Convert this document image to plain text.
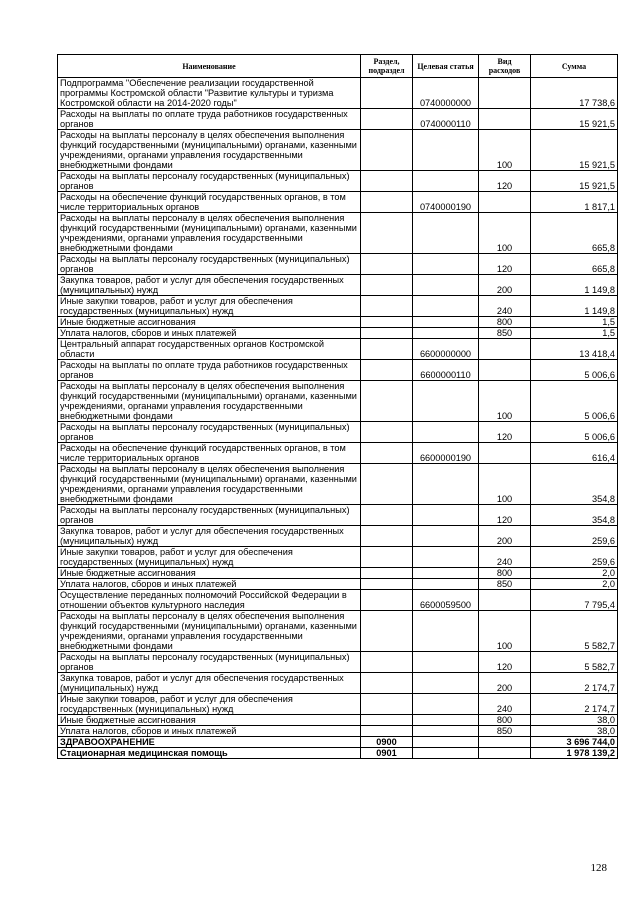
Наименование	Раздел, подраздел	Целевая статья	Вид расходов	Сумма
Подпрограмма "Обеспечение реализации государственной программы Костромской области "Развитие культуры и туризма Костромской области на 2014-2020 годы"		0740000000		17 738,6
Расходы на выплаты по оплате труда работников государственных органов		0740000110		15 921,5
Расходы на выплаты персоналу в целях обеспечения выполнения функций государственными (муниципальными) органами, казенными учреждениями, органами управления государственными внебюджетными фондами			100	15 921,5
Расходы на выплаты персоналу государственных (муниципальных) органов			120	15 921,5
Расходы на обеспечение функций государственных органов, в том числе территориальных органов		0740000190		1 817,1
Расходы на выплаты персоналу в целях обеспечения выполнения функций государственными (муниципальными) органами, казенными учреждениями, органами управления государственными внебюджетными фондами			100	665,8
Расходы на выплаты персоналу государственных (муниципальных) органов			120	665,8
Закупка товаров, работ и услуг для обеспечения государственных (муниципальных) нужд			200	1 149,8
Иные закупки товаров, работ и услуг для обеспечения государственных (муниципальных) нужд			240	1 149,8
Иные бюджетные ассигнования			800	1,5
Уплата налогов, сборов и иных платежей			850	1,5
Центральный аппарат государственных органов Костромской области		6600000000		13 418,4
Расходы на выплаты по оплате труда работников государственных органов		6600000110		5 006,6
Расходы на выплаты персоналу в целях обеспечения выполнения функций государственными (муниципальными) органами, казенными учреждениями, органами управления государственными внебюджетными фондами			100	5 006,6
Расходы на выплаты персоналу государственных (муниципальных) органов			120	5 006,6
Расходы на обеспечение функций государственных органов, в том числе территориальных органов		6600000190		616,4
Расходы на выплаты персоналу в целях обеспечения выполнения функций государственными (муниципальными) органами, казенными учреждениями, органами управления государственными внебюджетными фондами			100	354,8
Расходы на выплаты персоналу государственных (муниципальных) органов			120	354,8
Закупка товаров, работ и услуг для обеспечения государственных (муниципальных) нужд			200	259,6
Иные закупки товаров, работ и услуг для обеспечения государственных (муниципальных) нужд			240	259,6
Иные бюджетные ассигнования			800	2,0
Уплата налогов, сборов и иных платежей			850	2,0
Осуществление переданных полномочий Российской Федерации в отношении объектов культурного наследия		6600059500		7 795,4
Расходы на выплаты персоналу в целях обеспечения выполнения функций государственными (муниципальными) органами, казенными учреждениями, органами управления государственными внебюджетными фондами			100	5 582,7
Расходы на выплаты персоналу государственных (муниципальных) органов			120	5 582,7
Закупка товаров, работ и услуг для обеспечения государственных (муниципальных) нужд			200	2 174,7
Иные закупки товаров, работ и услуг для обеспечения государственных (муниципальных) нужд			240	2 174,7
Иные бюджетные ассигнования			800	38,0
Уплата налогов, сборов и иных платежей			850	38,0
ЗДРАВООХРАНЕНИЕ	0900			3 696 744,0
Стационарная медицинская помощь	0901			1 978 139,2
128
